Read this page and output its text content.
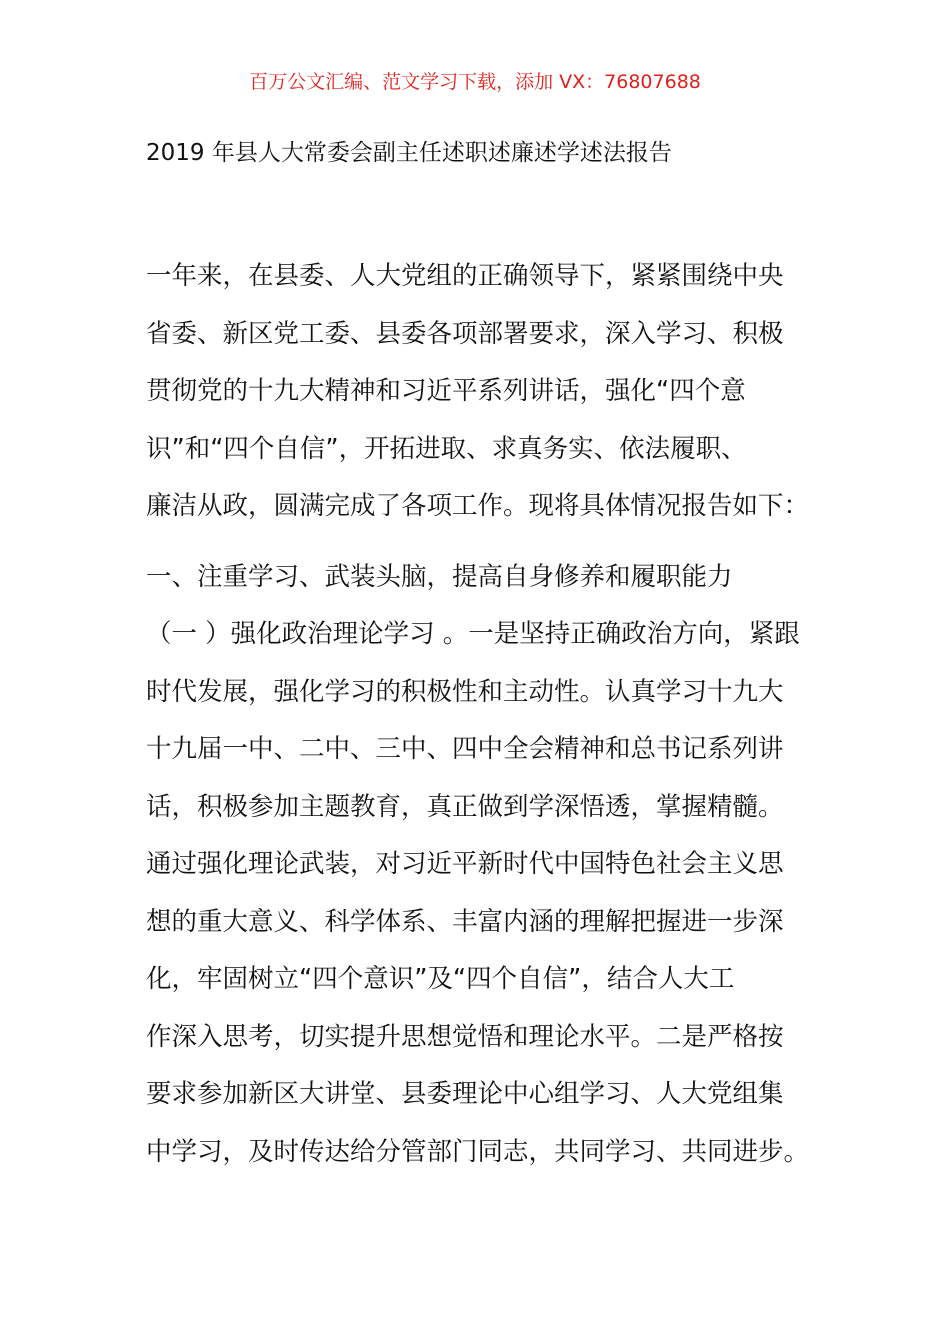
百万公文汇编、范文学习下载，添加 VX：76807688
2019 年县人大常委会副主任述职述廉述学述法报告
一年来，在县委、人大党组的正确领导下，紧紧围绕中央
省委、新区党工委、县委各项部署要求，深入学习、积极
贯彻党的十九大精神和习近平系列讲话，强化“四个意
识”和“四个自信”，开拓进取、求真务实、依法履职、
廉洁从政，圆满完成了各项工作。现将具体情况报告如下：
一、注重学习、武装头脑，提高自身修养和履职能力
（一 ）强化政治理论学习 。一是坚持正确政治方向，紧跟
时代发展，强化学习的积极性和主动性。认真学习十九大
十九届一中、二中、三中、四中全会精神和总书记系列讲
话，积极参加主题教育，真正做到学深悟透，掌握精髓。
通过强化理论武装，对习近平新时代中国特色社会主义思
想的重大意义、科学体系、丰富内涵的理解把握进一步深
化，牢固树立“四个意识”及“四个自信”，结合人大工
作深入思考，切实提升思想觉悟和理论水平。二是严格按
要求参加新区大讲堂、县委理论中心组学习、人大党组集
中学习，及时传达给分管部门同志，共同学习、共同进步。
